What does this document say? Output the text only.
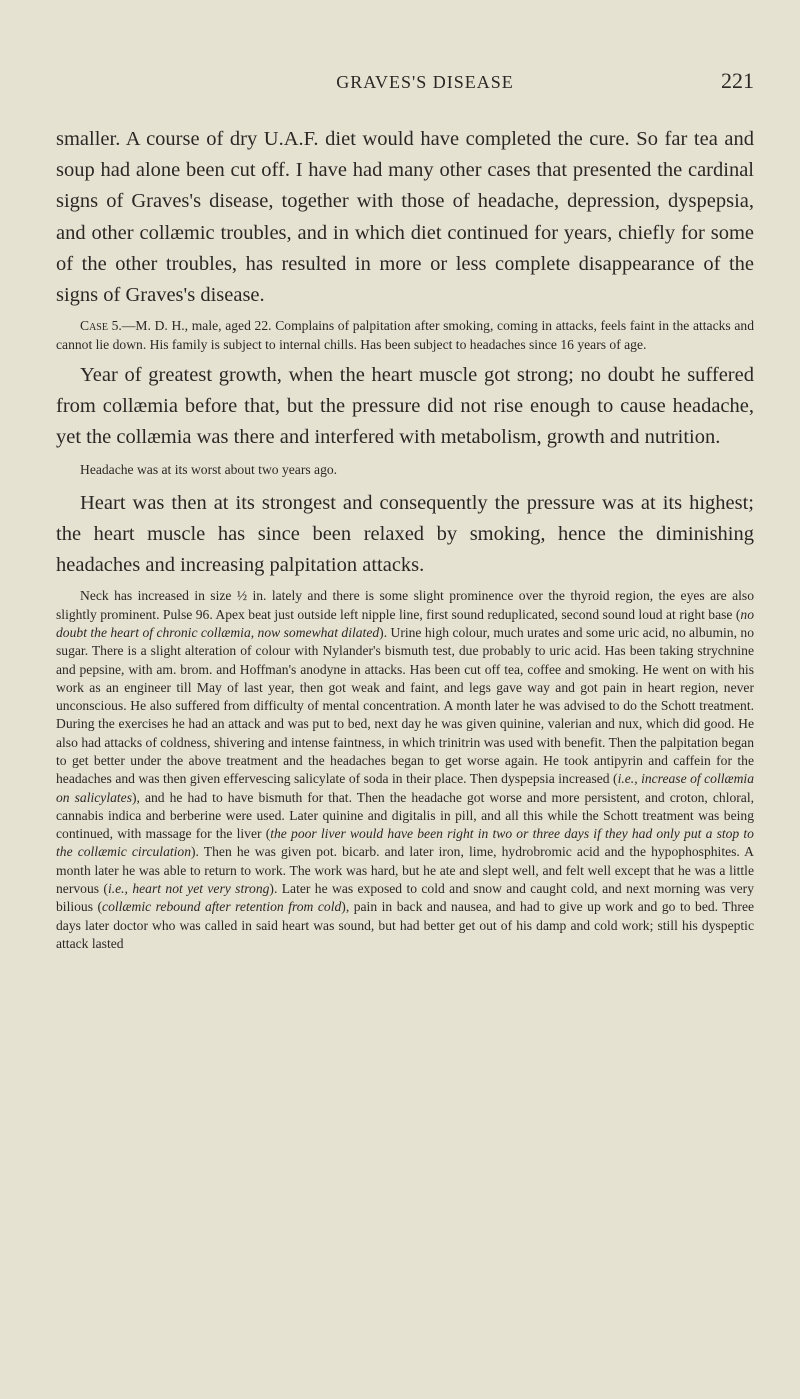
GRAVES'S DISEASE	221

smaller. A course of dry U.A.F. diet would have completed the cure. So far tea and soup had alone been cut off. I have had many other cases that presented the cardinal signs of Graves's disease, together with those of headache, depression, dyspepsia, and other collæmic troubles, and in which diet continued for years, chiefly for some of the other troubles, has resulted in more or less complete disappearance of the signs of Graves's disease.

Case 5.—M. D. H., male, aged 22. Complains of palpitation after smoking, coming in attacks, feels faint in the attacks and cannot lie down. His family is subject to internal chills. Has been subject to headaches since 16 years of age.

Year of greatest growth, when the heart muscle got strong; no doubt he suffered from collæmia before that, but the pressure did not rise enough to cause headache, yet the collæmia was there and interfered with metabolism, growth and nutrition.

Headache was at its worst about two years ago.

Heart was then at its strongest and consequently the pressure was at its highest; the heart muscle has since been relaxed by smoking, hence the diminishing headaches and increasing palpitation attacks.

Neck has increased in size ½ in. lately and there is some slight prominence over the thyroid region, the eyes are also slightly prominent. Pulse 96. Apex beat just outside left nipple line, first sound reduplicated, second sound loud at right base (no doubt the heart of chronic collæmia, now somewhat dilated). Urine high colour, much urates and some uric acid, no albumin, no sugar. There is a slight alteration of colour with Nylander's bismuth test, due probably to uric acid. Has been taking strychnine and pepsine, with am. brom. and Hoffman's anodyne in attacks. Has been cut off tea, coffee and smoking. He went on with his work as an engineer till May of last year, then got weak and faint, and legs gave way and got pain in heart region, never unconscious. He also suffered from difficulty of mental concentration. A month later he was advised to do the Schott treatment. During the exercises he had an attack and was put to bed, next day he was given quinine, valerian and nux, which did good. He also had attacks of coldness, shivering and intense faintness, in which trinitrin was used with benefit. Then the palpitation began to get better under the above treatment and the headaches began to get worse again. He took antipyrin and caffein for the headaches and was then given effervescing salicylate of soda in their place. Then dyspepsia increased (i.e., increase of collæmia on salicylates), and he had to have bismuth for that. Then the headache got worse and more persistent, and croton, chloral, cannabis indica and berberine were used. Later quinine and digitalis in pill, and all this while the Schott treatment was being continued, with massage for the liver (the poor liver would have been right in two or three days if they had only put a stop to the collæmic circulation). Then he was given pot. bicarb. and later iron, lime, hydrobromic acid and the hypophosphites. A month later he was able to return to work. The work was hard, but he ate and slept well, and felt well except that he was a little nervous (i.e., heart not yet very strong). Later he was exposed to cold and snow and caught cold, and next morning was very bilious (collæmic rebound after retention from cold), pain in back and nausea, and had to give up work and go to bed. Three days later doctor who was called in said heart was sound, but had better get out of his damp and cold work; still his dyspeptic attack lasted
